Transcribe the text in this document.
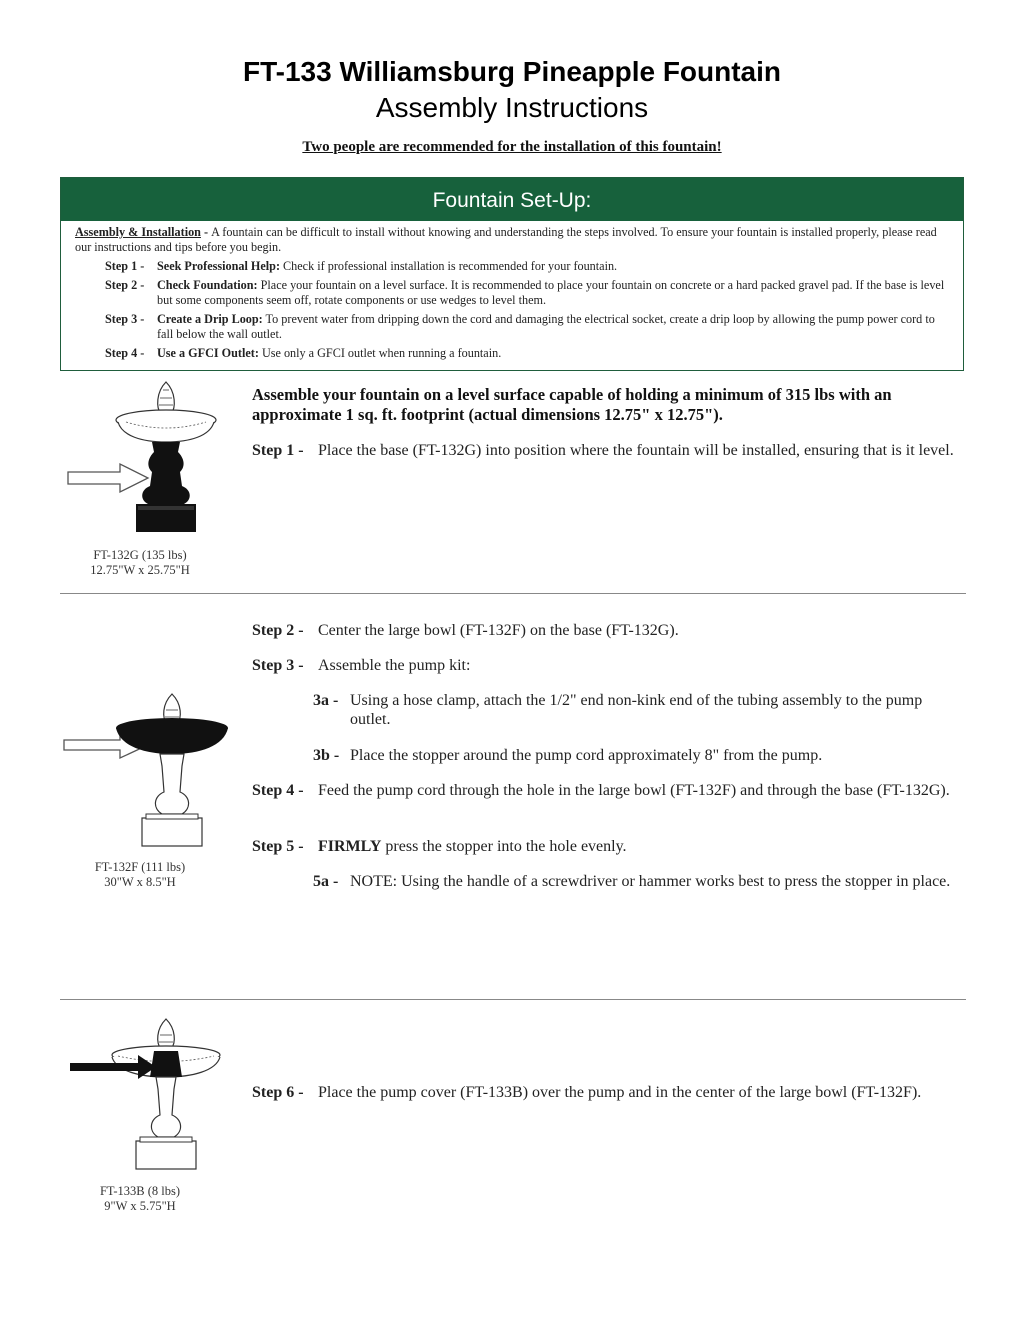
FT-133 Williamsburg Pineapple Fountain
Assembly Instructions
Two people are recommended for the installation of this fountain!
Fountain Set-Up:

Assembly & Installation - A fountain can be difficult to install without knowing and understanding the steps involved. To ensure your fountain is installed properly, please read our instructions and tips before you begin.

Step 1 -	Seek Professional Help: Check if professional installation is recommended for your fountain.
Step 2 -	Check Foundation: Place your fountain on a level surface. It is recommended to place your fountain on concrete or a hard packed gravel pad. If the base is level but some components seem off, rotate components or use wedges to level them.
Step 3 -	Create a Drip Loop: To prevent water from dripping down the cord and damaging the electrical socket, create a drip loop by allowing the pump power cord to fall below the wall outlet.
Step 4 -	Use a GFCI Outlet: Use only a GFCI outlet when running a fountain.
FT-132G (135 lbs)
12.75"W x 25.75"H
Assemble your fountain on a level surface capable of holding a minimum of 315 lbs with an approximate 1 sq. ft. footprint (actual dimensions 12.75" x 12.75").
Step 1 - Place the base (FT-132G) into position where the fountain will be installed, ensuring that is it level.
FT-132F (111 lbs)
30"W x 8.5"H
Step 2 - Center the large bowl (FT-132F) on the base (FT-132G).
Step 3 - Assemble the pump kit:
3a - Using a hose clamp, attach the 1/2" end non-kink end of the tubing assembly to the pump outlet.
3b - Place the stopper around the pump cord approximately 8" from the pump.
Step 4 - Feed the pump cord through the hole in the large bowl (FT-132F) and through the base (FT-132G).
Step 5 - FIRMLY press the stopper into the hole evenly.
5a - NOTE: Using the handle of a screwdriver or hammer works best to press the stopper in place.
FT-133B (8 lbs)
9"W x 5.75"H
Step 6 - Place the pump cover (FT-133B) over the pump and in the center of the large bowl (FT-132F).
